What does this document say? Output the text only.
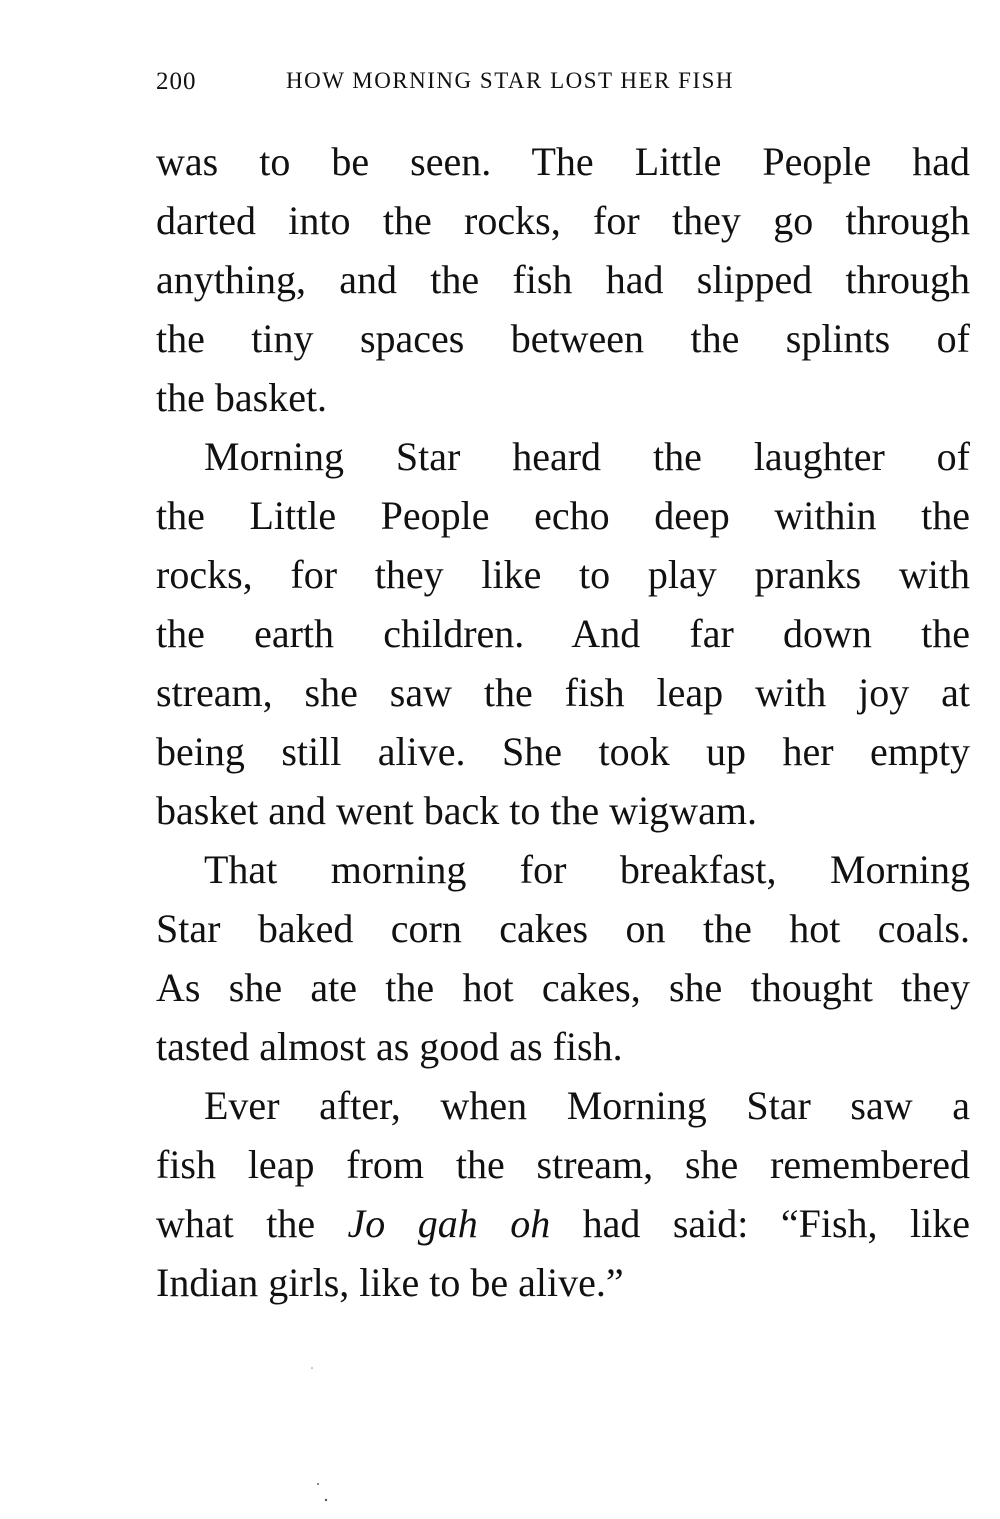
200	HOW MORNING STAR LOST HER FISH
was to be seen. The Little People had
darted into the rocks, for they go through
anything, and the fish had slipped through
the tiny spaces between the splints of
the basket.
Morning Star heard the laughter of
the Little People echo deep within the
rocks, for they like to play pranks with
the earth children. And far down the
stream, she saw the fish leap with joy at
being still alive. She took up her empty
basket and went back to the wigwam.
That morning for breakfast, Morning
Star baked corn cakes on the hot coals.
As she ate the hot cakes, she thought they
tasted almost as good as fish.
Ever after, when Morning Star saw a
fish leap from the stream, she remembered
what the Jo gah oh had said: “Fish, like
Indian girls, like to be alive.”
